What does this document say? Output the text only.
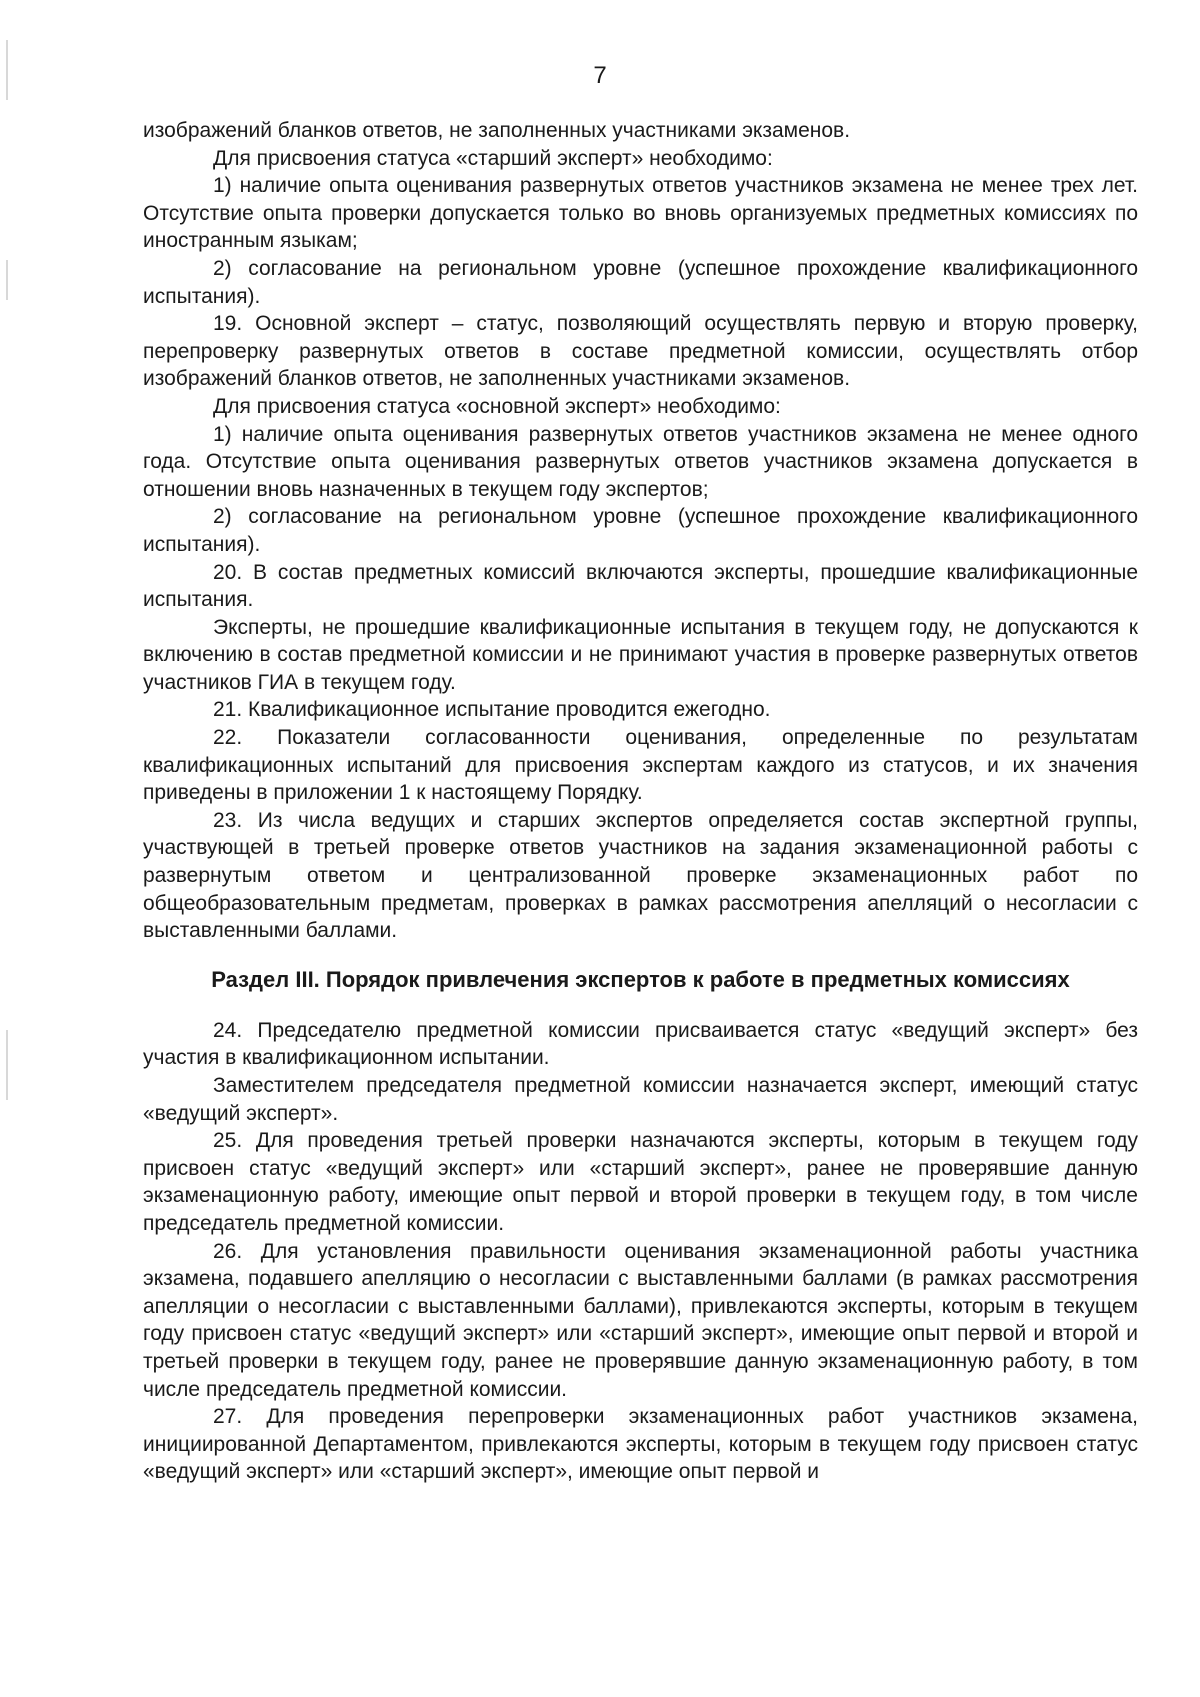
7

изображений бланков ответов, не заполненных участниками экзаменов.

Для присвоения статуса «старший эксперт» необходимо:

1) наличие опыта оценивания развернутых ответов участников экзамена не менее трех лет. Отсутствие опыта проверки допускается только во вновь организуемых предметных комиссиях по иностранным языкам;

2) согласование на региональном уровне (успешное прохождение квалификационного испытания).

19. Основной эксперт – статус, позволяющий осуществлять первую и вторую проверку, перепроверку развернутых ответов в составе предметной комиссии, осуществлять отбор изображений бланков ответов, не заполненных участниками экзаменов.

Для присвоения статуса «основной эксперт» необходимо:

1) наличие опыта оценивания развернутых ответов участников экзамена не менее одного года. Отсутствие опыта оценивания развернутых ответов участников экзамена допускается в отношении вновь назначенных в текущем году экспертов;

2) согласование на региональном уровне (успешное прохождение квалификационного испытания).

20. В состав предметных комиссий включаются эксперты, прошедшие квалификационные испытания.

Эксперты, не прошедшие квалификационные испытания в текущем году, не допускаются к включению в состав предметной комиссии и не принимают участия в проверке развернутых ответов участников ГИА в текущем году.

21. Квалификационное испытание проводится ежегодно.

22. Показатели согласованности оценивания, определенные по результатам квалификационных испытаний для присвоения экспертам каждого из статусов, и их значения приведены в приложении 1 к настоящему Порядку.

23. Из числа ведущих и старших экспертов определяется состав экспертной группы, участвующей в третьей проверке ответов участников на задания экзаменационной работы с развернутым ответом и централизованной проверке экзаменационных работ по общеобразовательным предметам, проверках в рамках рассмотрения апелляций о несогласии с выставленными баллами.

Раздел III. Порядок привлечения экспертов к работе в предметных комиссиях

24. Председателю предметной комиссии присваивается статус «ведущий эксперт» без участия в квалификационном испытании.

Заместителем председателя предметной комиссии назначается эксперт, имеющий статус «ведущий эксперт».

25. Для проведения третьей проверки назначаются эксперты, которым в текущем году присвоен статус «ведущий эксперт» или «старший эксперт», ранее не проверявшие данную экзаменационную работу, имеющие опыт первой и второй проверки в текущем году, в том числе председатель предметной комиссии.

26. Для установления правильности оценивания экзаменационной работы участника экзамена, подавшего апелляцию о несогласии с выставленными баллами (в рамках рассмотрения апелляции о несогласии с выставленными баллами), привлекаются эксперты, которым в текущем году присвоен статус «ведущий эксперт» или «старший эксперт», имеющие опыт первой и второй и третьей проверки в текущем году, ранее не проверявшие данную экзаменационную работу, в том числе председатель предметной комиссии.

27. Для проведения перепроверки экзаменационных работ участников экзамена, инициированной Департаментом, привлекаются эксперты, которым в текущем году присвоен статус «ведущий эксперт» или «старший эксперт», имеющие опыт первой и
